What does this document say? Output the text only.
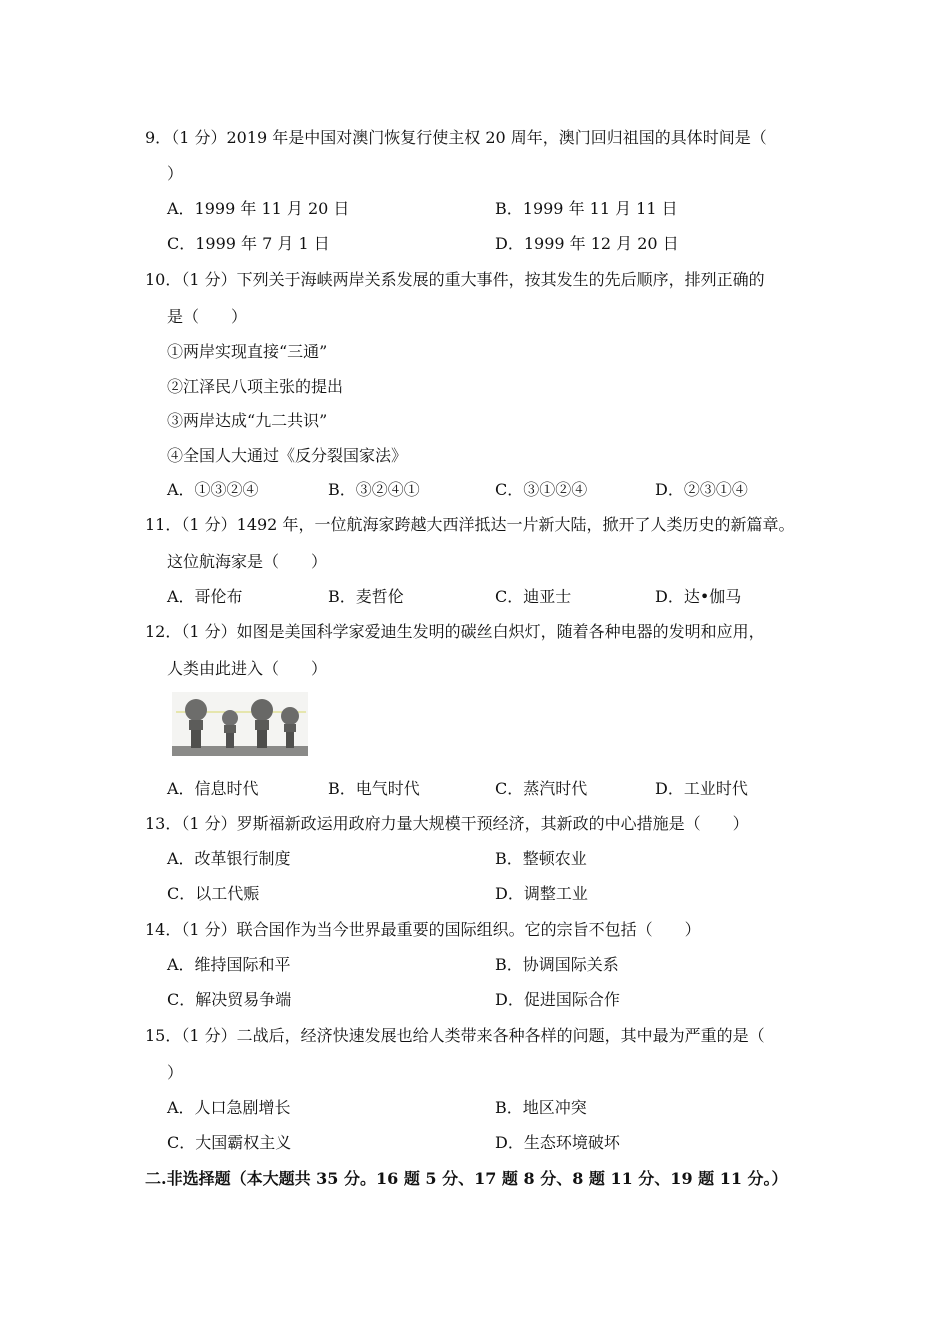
9．（1 分）2019 年是中国对澳门恢复行使主权 20 周年，澳门回归祖国的具体时间是（
）
A．1999 年 11 月 20 日	B．1999 年 11 月 11 日
C．1999 年 7 月 1 日	D．1999 年 12 月 20 日
10．（1 分）下列关于海峡两岸关系发展的重大事件，按其发生的先后顺序，排列正确的
是（　　）
①两岸实现直接“三通”
②江泽民八项主张的提出
③两岸达成“九二共识”
④全国人大通过《反分裂国家法》
A．①③②④	B．③②④①	C．③①②④	D．②③①④
11．（1 分）1492 年，一位航海家跨越大西洋抵达一片新大陆，掀开了人类历史的新篇章。
这位航海家是（　　）
A．哥伦布	B．麦哲伦	C．迪亚士	D．达•伽马
12．（1 分）如图是美国科学家爱迪生发明的碳丝白炽灯，随着各种电器的发明和应用，
人类由此进入（　　）
A．信息时代	B．电气时代	C．蒸汽时代	D．工业时代
13．（1 分）罗斯福新政运用政府力量大规模干预经济，其新政的中心措施是（　　）
A．改革银行制度	B．整顿农业
C．以工代赈	D．调整工业
14．（1 分）联合国作为当今世界最重要的国际组织。它的宗旨不包括（　　）
A．维持国际和平	B．协调国际关系
C．解决贸易争端	D．促进国际合作
15．（1 分）二战后，经济快速发展也给人类带来各种各样的问题，其中最为严重的是（
）
A．人口急剧增长	B．地区冲突
C．大国霸权主义	D．生态环境破坏
二.非选择题（本大题共 35 分。16 题 5 分、17 题 8 分、8 题 11 分、19 题 11 分。）
